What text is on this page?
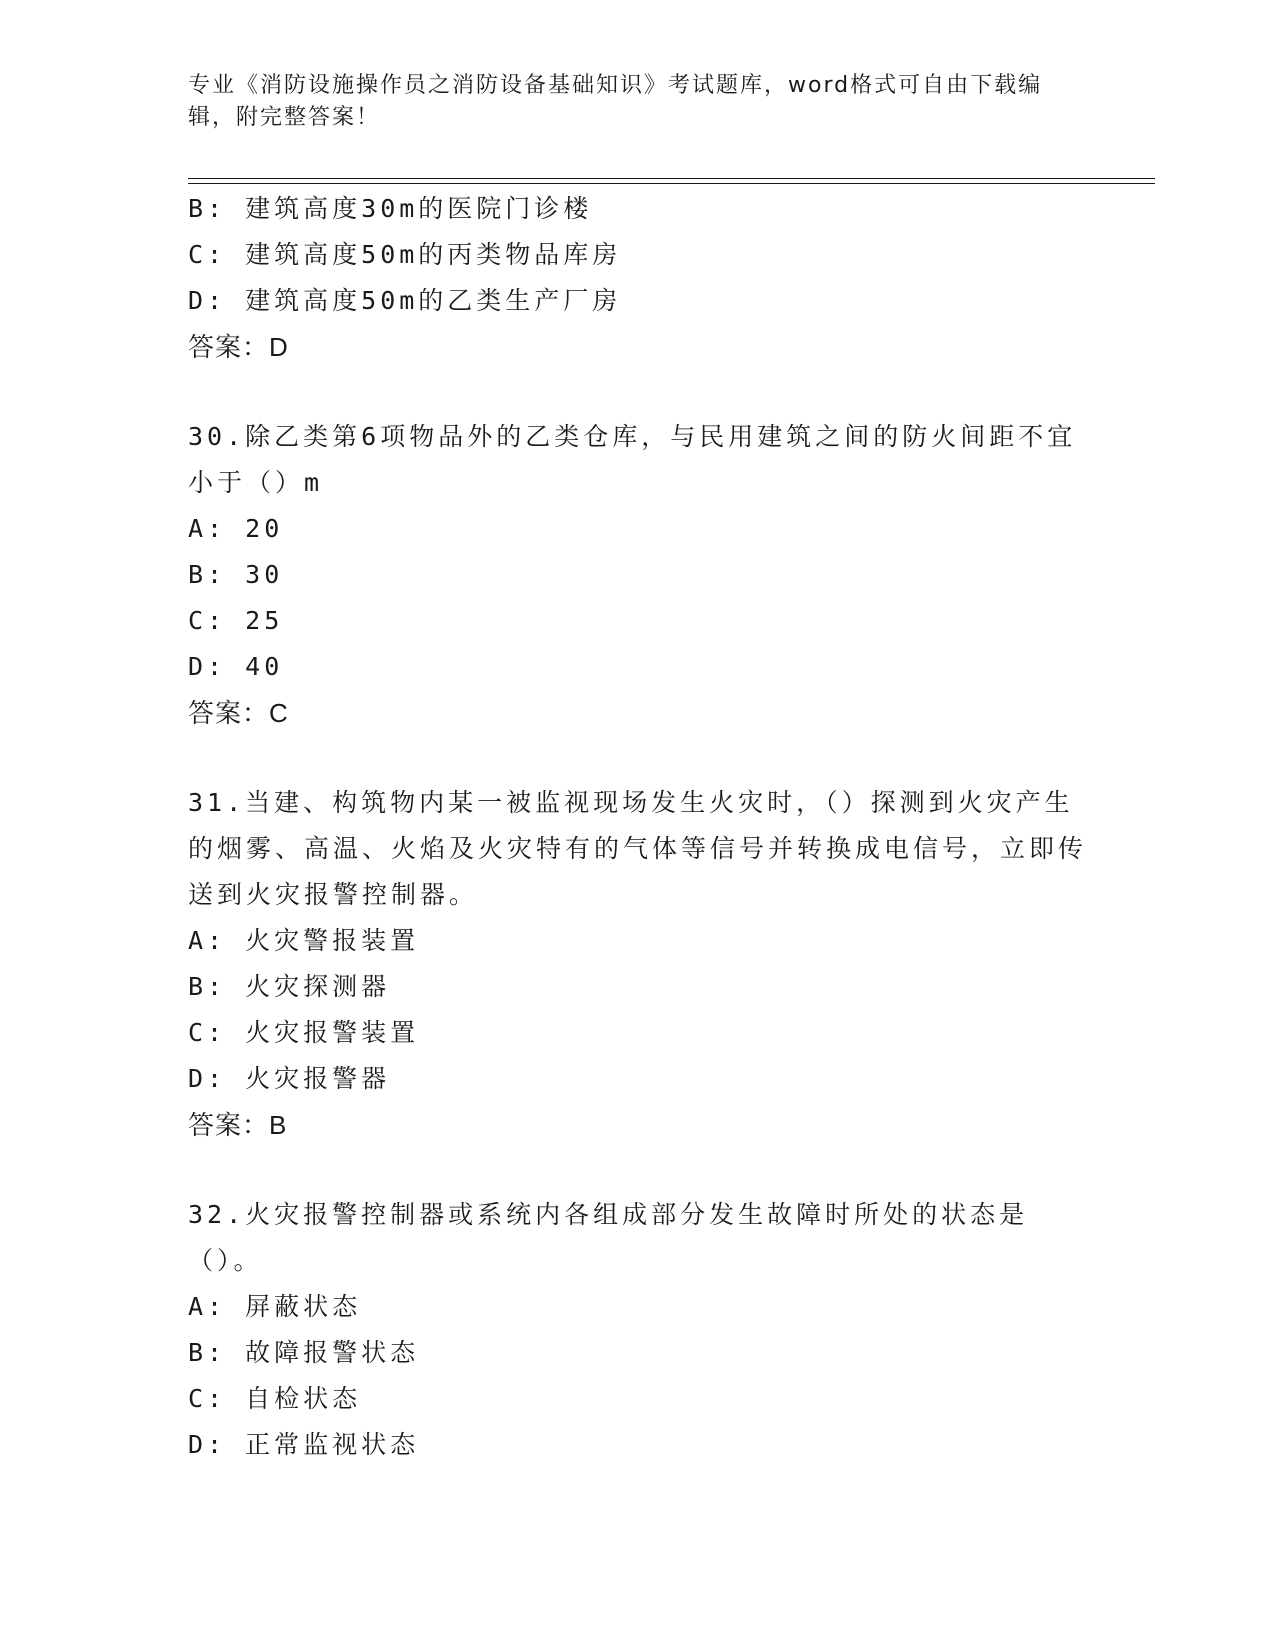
专业《消防设施操作员之消防设备基础知识》考试题库，word格式可自由下载编辑，附完整答案！
B: 建筑高度30m的医院门诊楼
C: 建筑高度50m的丙类物品库房
D: 建筑高度50m的乙类生产厂房
答案：D
30.除乙类第6项物品外的乙类仓库，与民用建筑之间的防火间距不宜小于（）m
A: 20
B: 30
C: 25
D: 40
答案：C
31.当建、构筑物内某一被监视现场发生火灾时，（）探测到火灾产生的烟雾、高温、火焰及火灾特有的气体等信号并转换成电信号，立即传送到火灾报警控制器。
A: 火灾警报装置
B: 火灾探测器
C: 火灾报警装置
D: 火灾报警器
答案：B
32.火灾报警控制器或系统内各组成部分发生故障时所处的状态是（）。
A: 屏蔽状态
B: 故障报警状态
C: 自检状态
D: 正常监视状态
